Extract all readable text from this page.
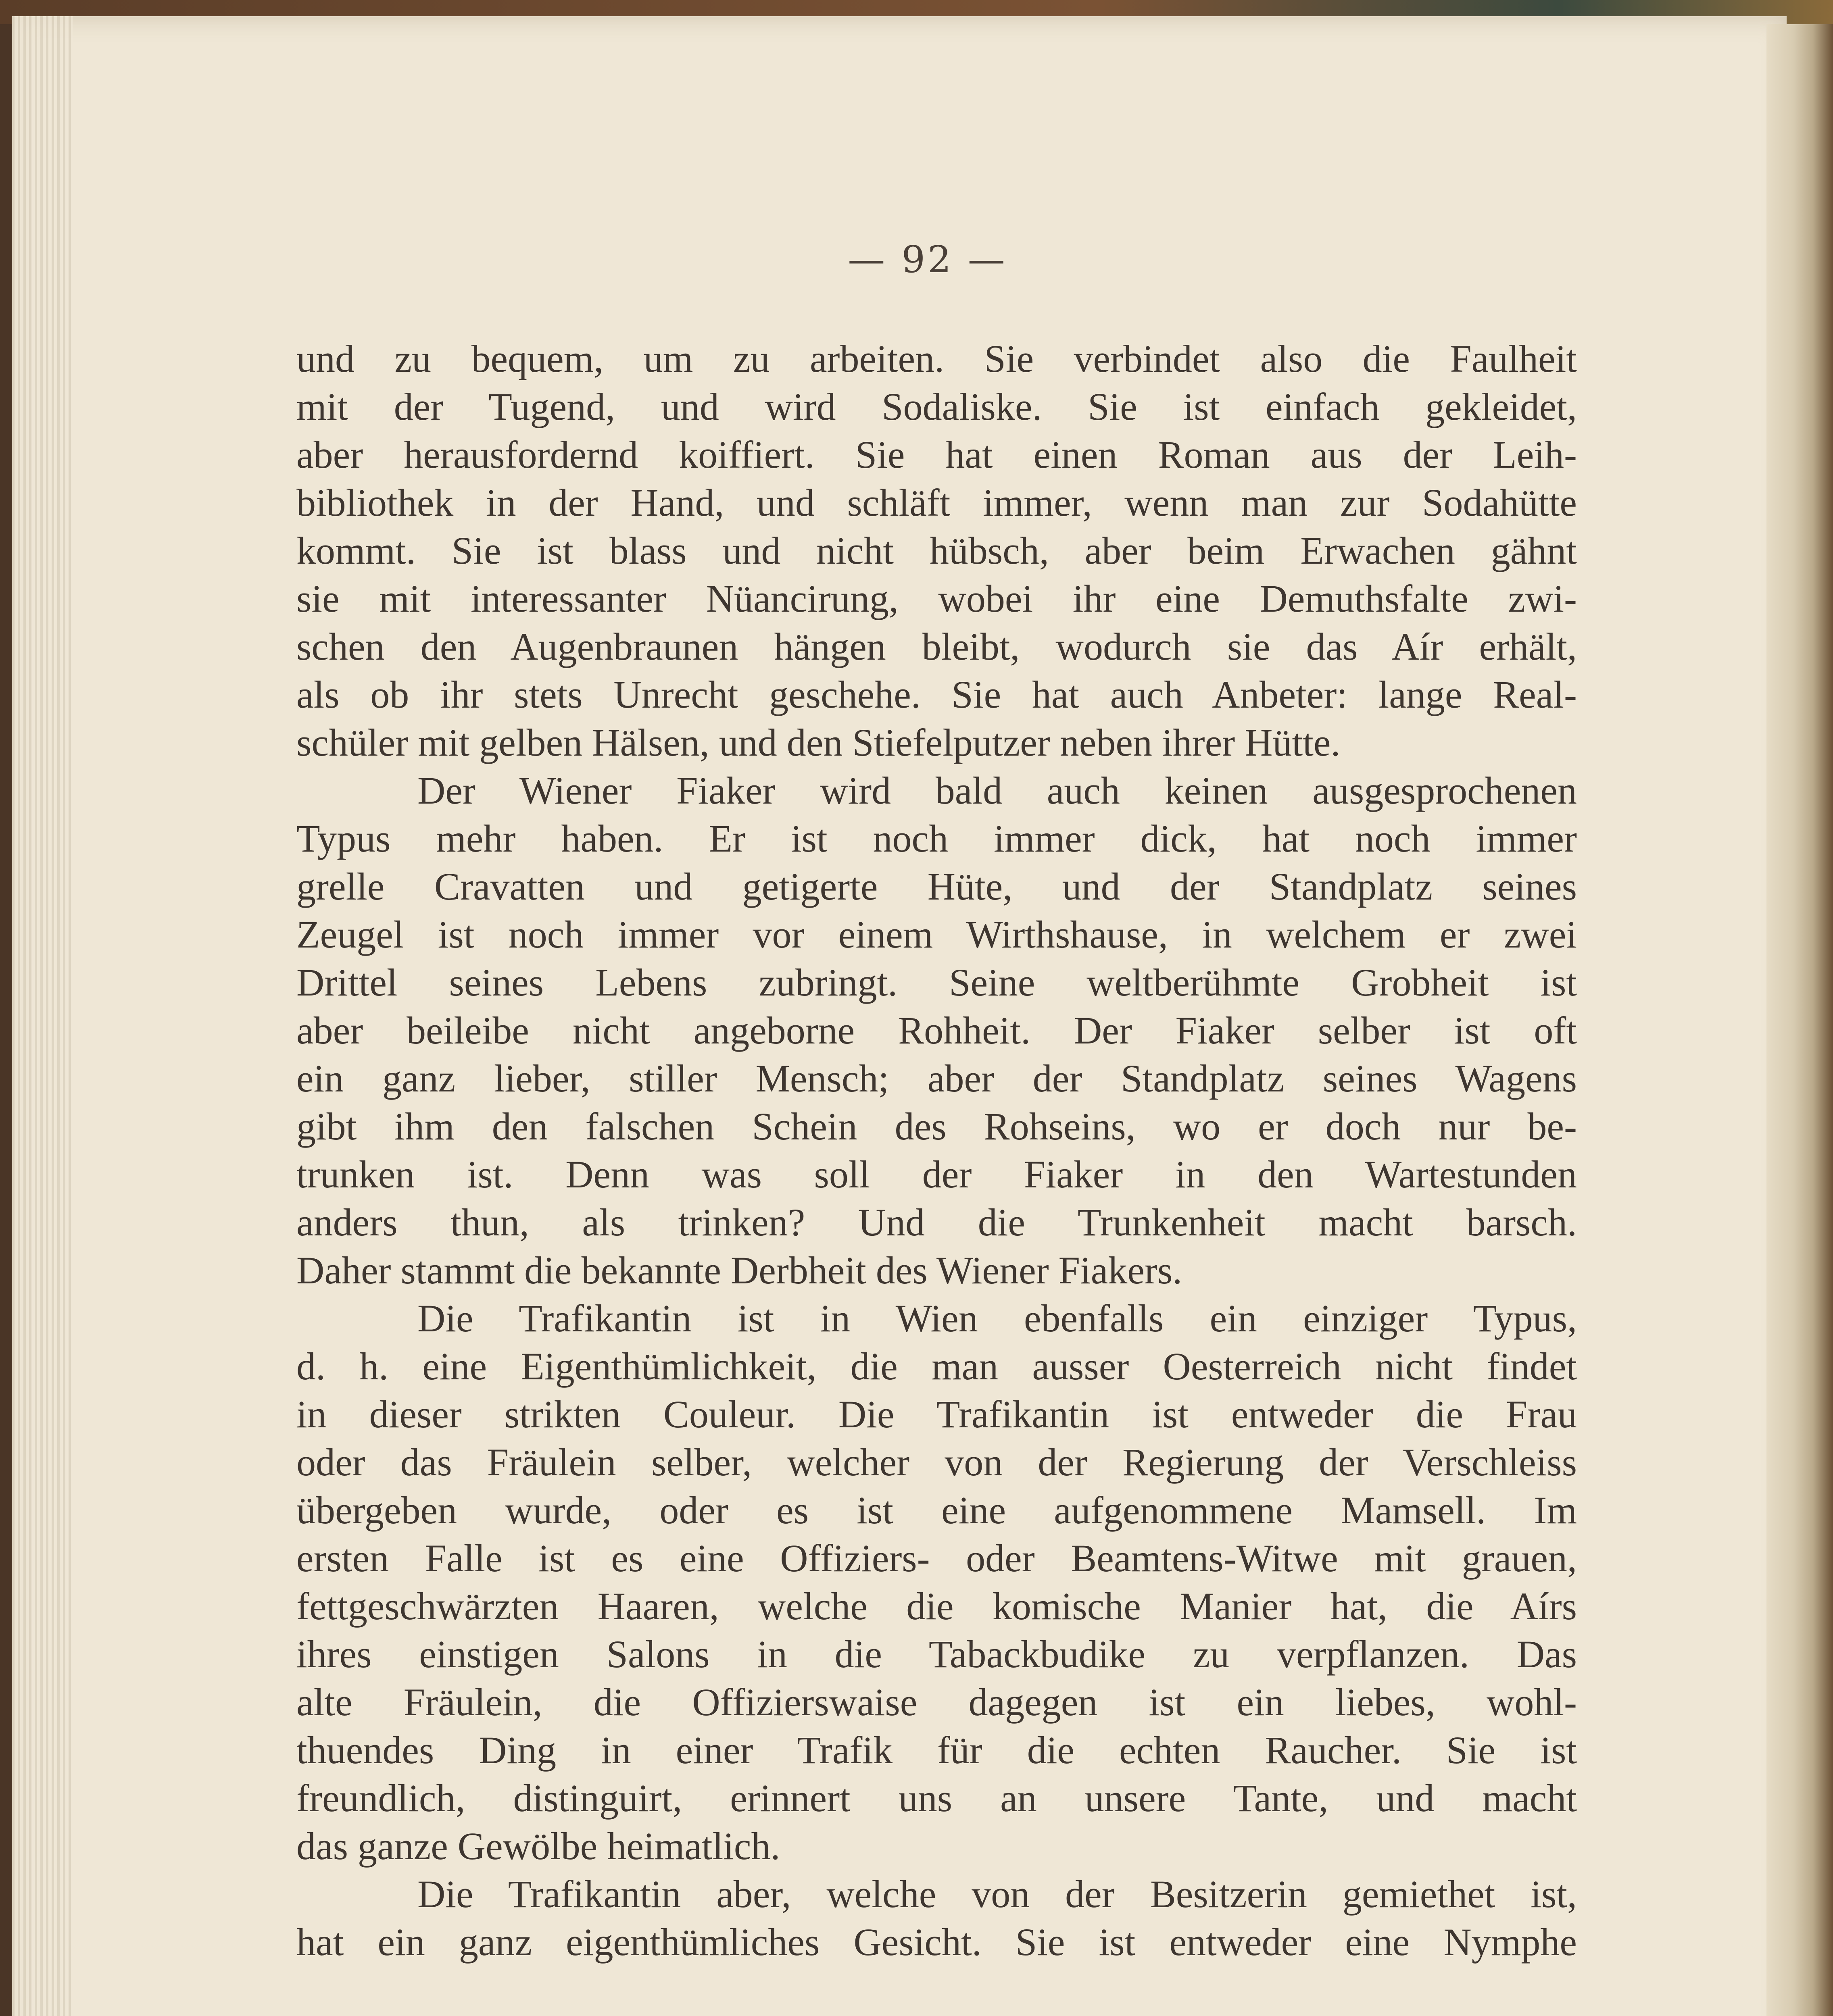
— 92 —
und zu bequem, um zu arbeiten. Sie verbindet also die Faulheit
mit der Tugend, und wird Sodaliske. Sie ist einfach gekleidet,
aber herausfordernd koiffiert. Sie hat einen Roman aus der Leih-
bibliothek in der Hand, und schläft immer, wenn man zur Sodahütte
kommt. Sie ist blass und nicht hübsch, aber beim Erwachen gähnt
sie mit interessanter Nüancirung, wobei ihr eine Demuthsfalte zwi-
schen den Augenbraunen hängen bleibt, wodurch sie das Aír erhält,
als ob ihr stets Unrecht geschehe. Sie hat auch Anbeter: lange Real-
schüler mit gelben Hälsen, und den Stiefelputzer neben ihrer Hütte.
Der Wiener Fiaker wird bald auch keinen ausgesprochenen
Typus mehr haben. Er ist noch immer dick, hat noch immer
grelle Cravatten und getigerte Hüte, und der Standplatz seines
Zeugel ist noch immer vor einem Wirthshause, in welchem er zwei
Drittel seines Lebens zubringt. Seine weltberühmte Grobheit ist
aber beileibe nicht angeborne Rohheit. Der Fiaker selber ist oft
ein ganz lieber, stiller Mensch; aber der Standplatz seines Wagens
gibt ihm den falschen Schein des Rohseins, wo er doch nur be-
trunken ist. Denn was soll der Fiaker in den Wartestunden
anders thun, als trinken? Und die Trunkenheit macht barsch.
Daher stammt die bekannte Derbheit des Wiener Fiakers.
Die Trafikantin ist in Wien ebenfalls ein einziger Typus,
d. h. eine Eigenthümlichkeit, die man ausser Oesterreich nicht findet
in dieser strikten Couleur. Die Trafikantin ist entweder die Frau
oder das Fräulein selber, welcher von der Regierung der Verschleiss
übergeben wurde, oder es ist eine aufgenommene Mamsell. Im
ersten Falle ist es eine Offiziers- oder Beamtens-Witwe mit grauen,
fettgeschwärzten Haaren, welche die komische Manier hat, die Aírs
ihres einstigen Salons in die Tabackbudike zu verpflanzen. Das
alte Fräulein, die Offizierswaise dagegen ist ein liebes, wohl-
thuendes Ding in einer Trafik für die echten Raucher. Sie ist
freundlich, distinguirt, erinnert uns an unsere Tante, und macht
das ganze Gewölbe heimatlich.
Die Trafikantin aber, welche von der Besitzerin gemiethet ist,
hat ein ganz eigenthümliches Gesicht. Sie ist entweder eine Nymphe
